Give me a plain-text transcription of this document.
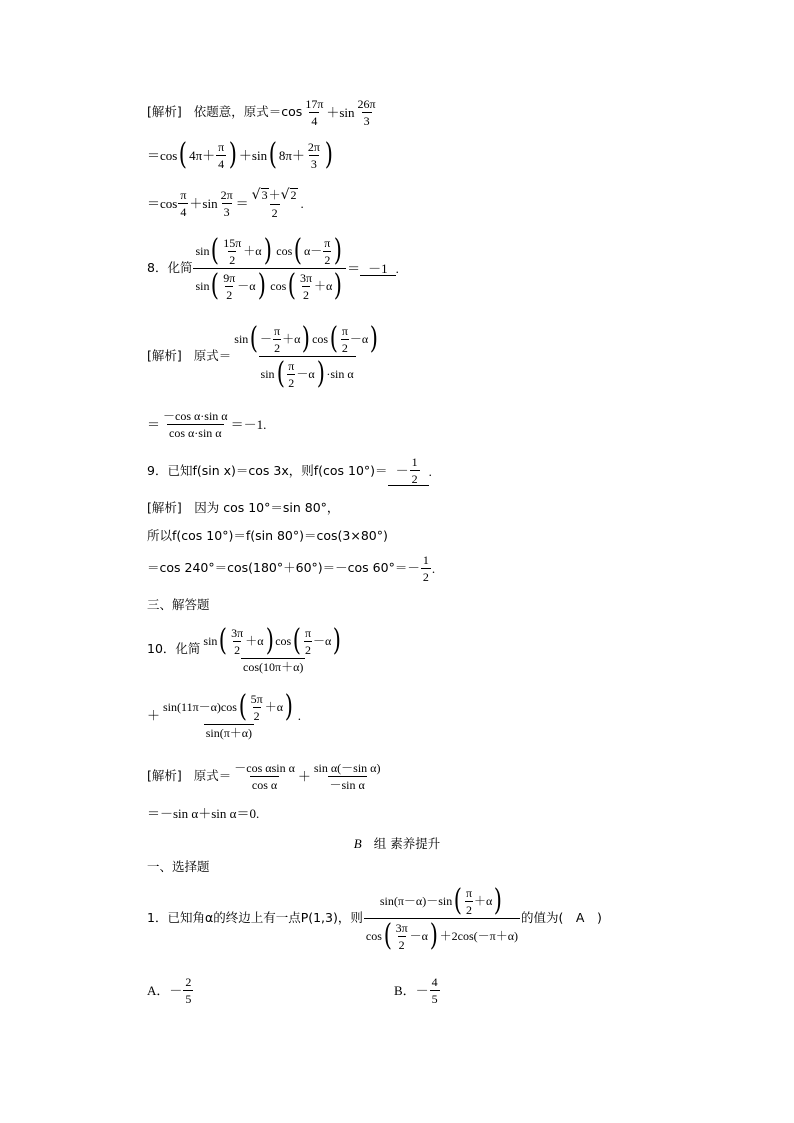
[解析] 依题意，原式＝cos
17π
4
＋sin
26π
3
＝cos ( 4π＋
π
4 ) ＋sin ( 8π＋
2π
3 )
＝cos
π
4
＋sin
2π
3
＝
√ 3 ＋ √ 2
2
.
8．化简
sin ( 15π
2
＋α ) cos ( α－
π
2 )
sin ( 9π
2
－α ) cos ( 3π
2
＋α ) ＝ －1 .
[解析] 原式＝
sin ( －
π
2
＋α ) cos ( π
2
－α )
sin ( π
2
－α ) ·sin α
＝
－cos α·sin α
cos α·sin α
＝－1.
9．已知f(sin x)＝cos 3x，则f(cos 10°)＝ －
1
2
.
[解析]　因为 cos 10°＝sin 80°，
所以f(cos 10°)＝f(sin 80°)＝cos(3×80°)
＝cos 240°＝cos(180°＋60°)＝－cos 60°＝－
1
2
.
三、解答题
10．化简
sin ( 3π
2
＋α ) cos ( π
2
－α )
cos(10π＋α)
＋
sin(11π－α)cos ( 5π
2
＋α )
sin(π＋α)
.
[解析] 原式＝
－cos αsin α
cos α
＋
sin α(－sin α)
－sin α
＝－sin α＋sin α＝0.
B 组 素养提升
一、选择题
1．已知角α的终边上有一点P(1,3)，则
sin(π－α)－sin ( π
2
＋α )
cos ( 3π
2
－α ) ＋2cos(－π＋α)
的值为(　A　)
A．－
2
5
B．－
4
5
